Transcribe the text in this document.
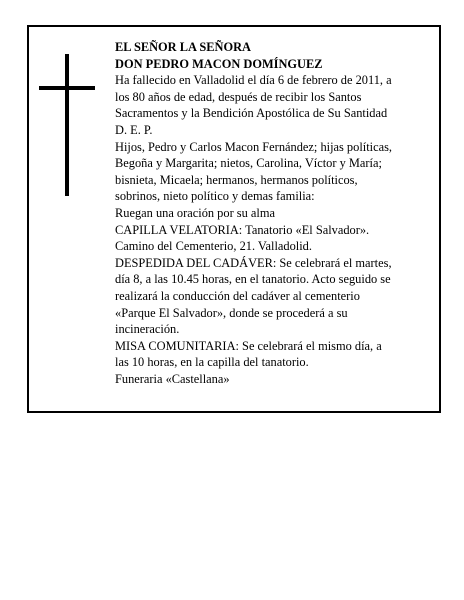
EL SEÑOR LA SEÑORA
DON PEDRO MACON DOMÍNGUEZ
Ha fallecido en Valladolid el día 6 de febrero de 2011, a
los 80 años de edad, después de recibir los Santos
Sacramentos y la Bendición Apostólica de Su Santidad
D. E. P.
Hijos, Pedro y Carlos Macon Fernández; hijas políticas,
Begoña y Margarita; nietos, Carolina, Víctor y María;
bisnieta, Micaela; hermanos, hermanos políticos,
sobrinos, nieto político y demas familia:
Ruegan una oración por su alma
CAPILLA VELATORIA: Tanatorio «El Salvador».
Camino del Cementerio, 21. Valladolid.
DESPEDIDA DEL CADÁVER: Se celebrará el martes,
día 8, a las 10.45 horas, en el tanatorio. Acto seguido se
realizará la conducción del cadáver al cementerio
«Parque El Salvador», donde se procederá a su
incineración.
MISA COMUNITARIA: Se celebrará el mismo día, a
las 10 horas, en la capilla del tanatorio.
Funeraria «Castellana»
